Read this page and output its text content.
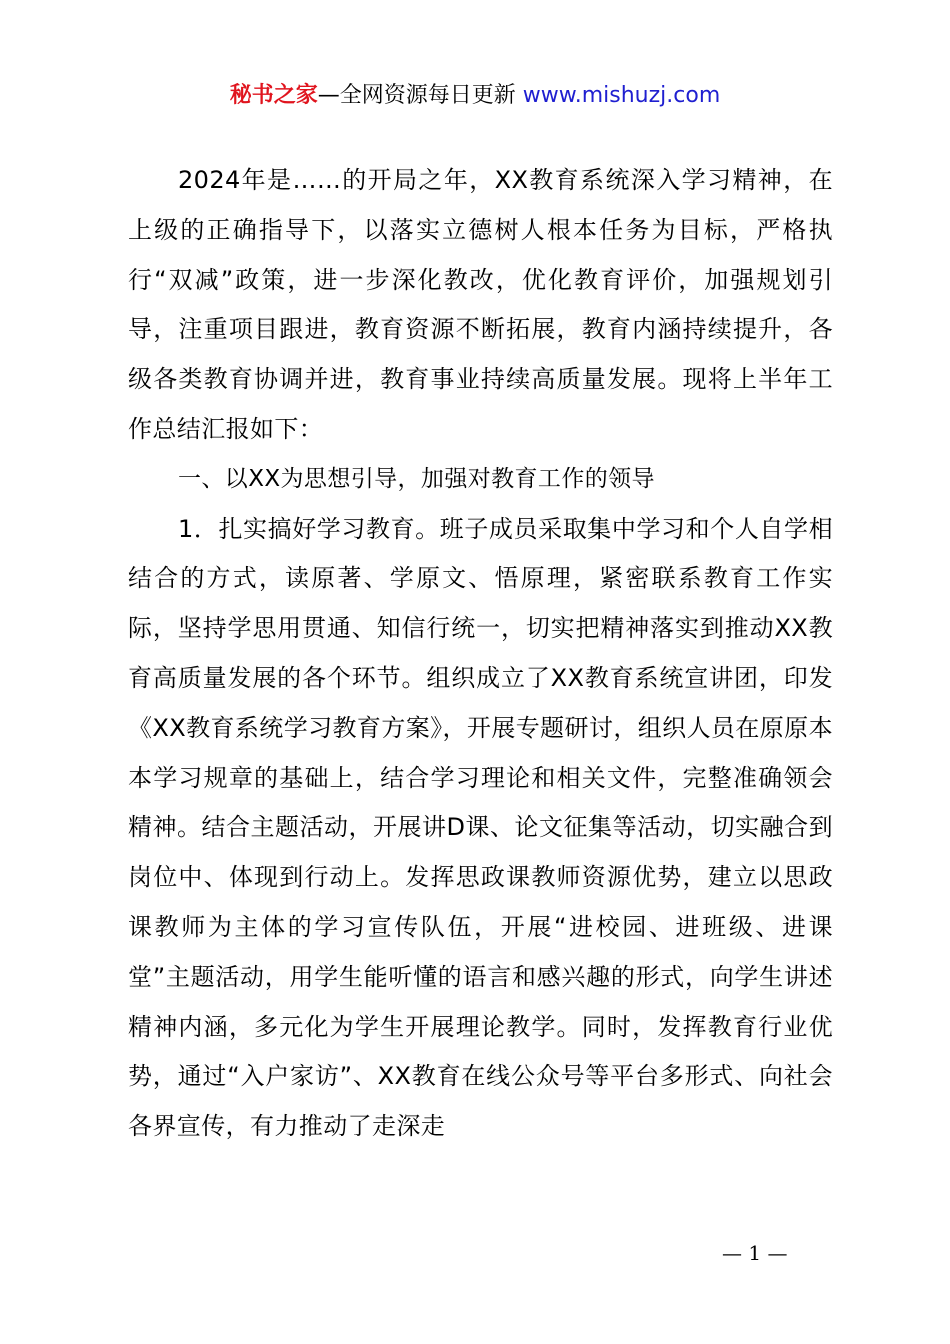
秘书之家—全网资源每日更新 www.mishuzj.com

2024年是……的开局之年，XX教育系统深入学习精神，在上级的正确指导下，以落实立德树人根本任务为目标，严格执行“双减”政策，进一步深化教改，优化教育评价，加强规划引导，注重项目跟进，教育资源不断拓展，教育内涵持续提升，各级各类教育协调并进，教育事业持续高质量发展。现将上半年工作总结汇报如下：

一、以XX为思想引导，加强对教育工作的领导

1．扎实搞好学习教育。班子成员采取集中学习和个人自学相结合的方式，读原著、学原文、悟原理，紧密联系教育工作实际，坚持学思用贯通、知信行统一，切实把精神落实到推动XX教育高质量发展的各个环节。组织成立了XX教育系统宣讲团，印发《XX教育系统学习教育方案》，开展专题研讨，组织人员在原原本本学习规章的基础上，结合学习理论和相关文件，完整准确领会精神。结合主题活动，开展讲D课、论文征集等活动，切实融合到岗位中、体现到行动上。发挥思政课教师资源优势，建立以思政课教师为主体的学习宣传队伍，开展“进校园、进班级、进课堂”主题活动，用学生能听懂的语言和感兴趣的形式，向学生讲述精神内涵，多元化为学生开展理论教学。同时，发挥教育行业优势，通过“入户家访”、XX教育在线公众号等平台多形式、向社会各界宣传，有力推动了走深走

— 1 —
